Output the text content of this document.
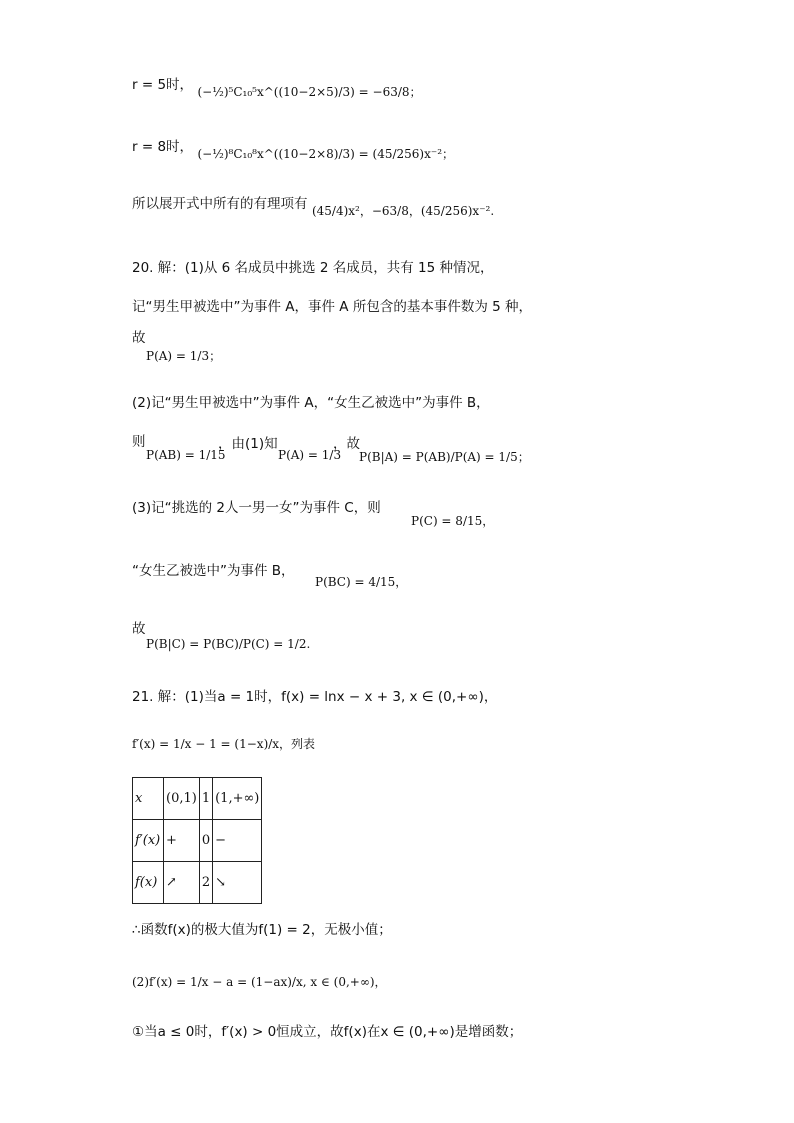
r = 5时， (−½)⁵C₁₀⁵x^((10−2×5)/3) = −63/8；
r = 8时， (−½)⁸C₁₀⁸x^((10−2×8)/3) = (45/256)x⁻²；
所以展开式中所有的有理项有 (45/4)x²，−63/8，(45/256)x⁻².
20. 解：(1)从 6 名成员中挑选 2 名成员，共有 15 种情况，
记“男生甲被选中”为事件 A，事件 A 所包含的基本事件数为 5 种，
故
P(A) = 1/3；
(2)记“男生甲被选中”为事件 A，“女生乙被选中”为事件 B，
则
P(AB) = 1/15
，由(1)知
P(A) = 1/3
，故
P(B|A) = P(AB)/P(A) = 1/5；
(3)记“挑选的 2人一男一女”为事件 C，则
P(C) = 8/15，
“女生乙被选中”为事件 B，
P(BC) = 4/15，
故
P(B|C) = P(BC)/P(C) = 1/2.
21. 解：(1)当a = 1时，f(x) = lnx − x + 3, x ∈ (0,+∞)，
f′(x) = 1/x − 1 = (1−x)/x，列表
x	(0,1)	1	(1,+∞)
f′(x)	+	0	−
f(x)	↗	2	↘
∴函数f(x)的极大值为f(1) = 2，无极小值；
(2)f′(x) = 1/x − a = (1−ax)/x, x ∈ (0,+∞)，
①当a ≤ 0时，f′(x) > 0恒成立，故f(x)在x ∈ (0,+∞)是增函数；
